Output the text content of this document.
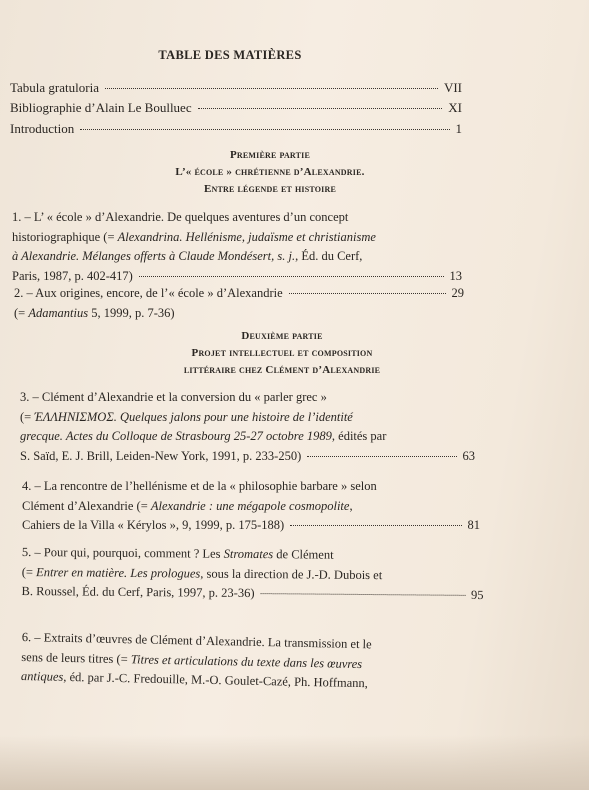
TABLE DES MATIÈRES
Tabula gratuloria	VII
Bibliographie d’Alain Le Boulluec	XI
Introduction	1
Première partie
L’« école » chrétienne d’Alexandrie.
Entre légende et histoire
1. – L’ « école » d’Alexandrie. De quelques aventures d’un concept
historiographique (= Alexandrina. Hellénisme, judaïsme et christianisme
à Alexandrie. Mélanges offerts à Claude Mondésert, s. j., Éd. du Cerf,
Paris, 1987, p. 402-417)	13
2. – Aux origines, encore, de l’« école » d’Alexandrie	29
(= Adamantius 5, 1999, p. 7-36)
Deuxième partie
Projet intellectuel et composition
littéraire chez Clément d’Alexandrie
3. – Clément d’Alexandrie et la conversion du « parler grec »
(= ΈΛΛΗΝΙΣΜΟΣ. Quelques jalons pour une histoire de l’identité
grecque. Actes du Colloque de Strasbourg 25-27 octobre 1989, édités par
S. Saïd, E. J. Brill, Leiden-New York, 1991, p. 233-250)	63
4. – La rencontre de l’hellénisme et de la « philosophie barbare » selon
Clément d’Alexandrie (= Alexandrie : une mégapole cosmopolite,
Cahiers de la Villa « Kérylos », 9, 1999, p. 175-188)	81
5. – Pour qui, pourquoi, comment ? Les Stromates de Clément
(= Entrer en matière. Les prologues, sous la direction de J.-D. Dubois et
B. Roussel, Éd. du Cerf, Paris, 1997, p. 23-36)	95
6. – Extraits d’œuvres de Clément d’Alexandrie. La transmission et le
sens de leurs titres (= Titres et articulations du texte dans les œuvres
antiques, éd. par J.-C. Fredouille, M.-O. Goulet-Cazé, Ph. Hoffmann,
